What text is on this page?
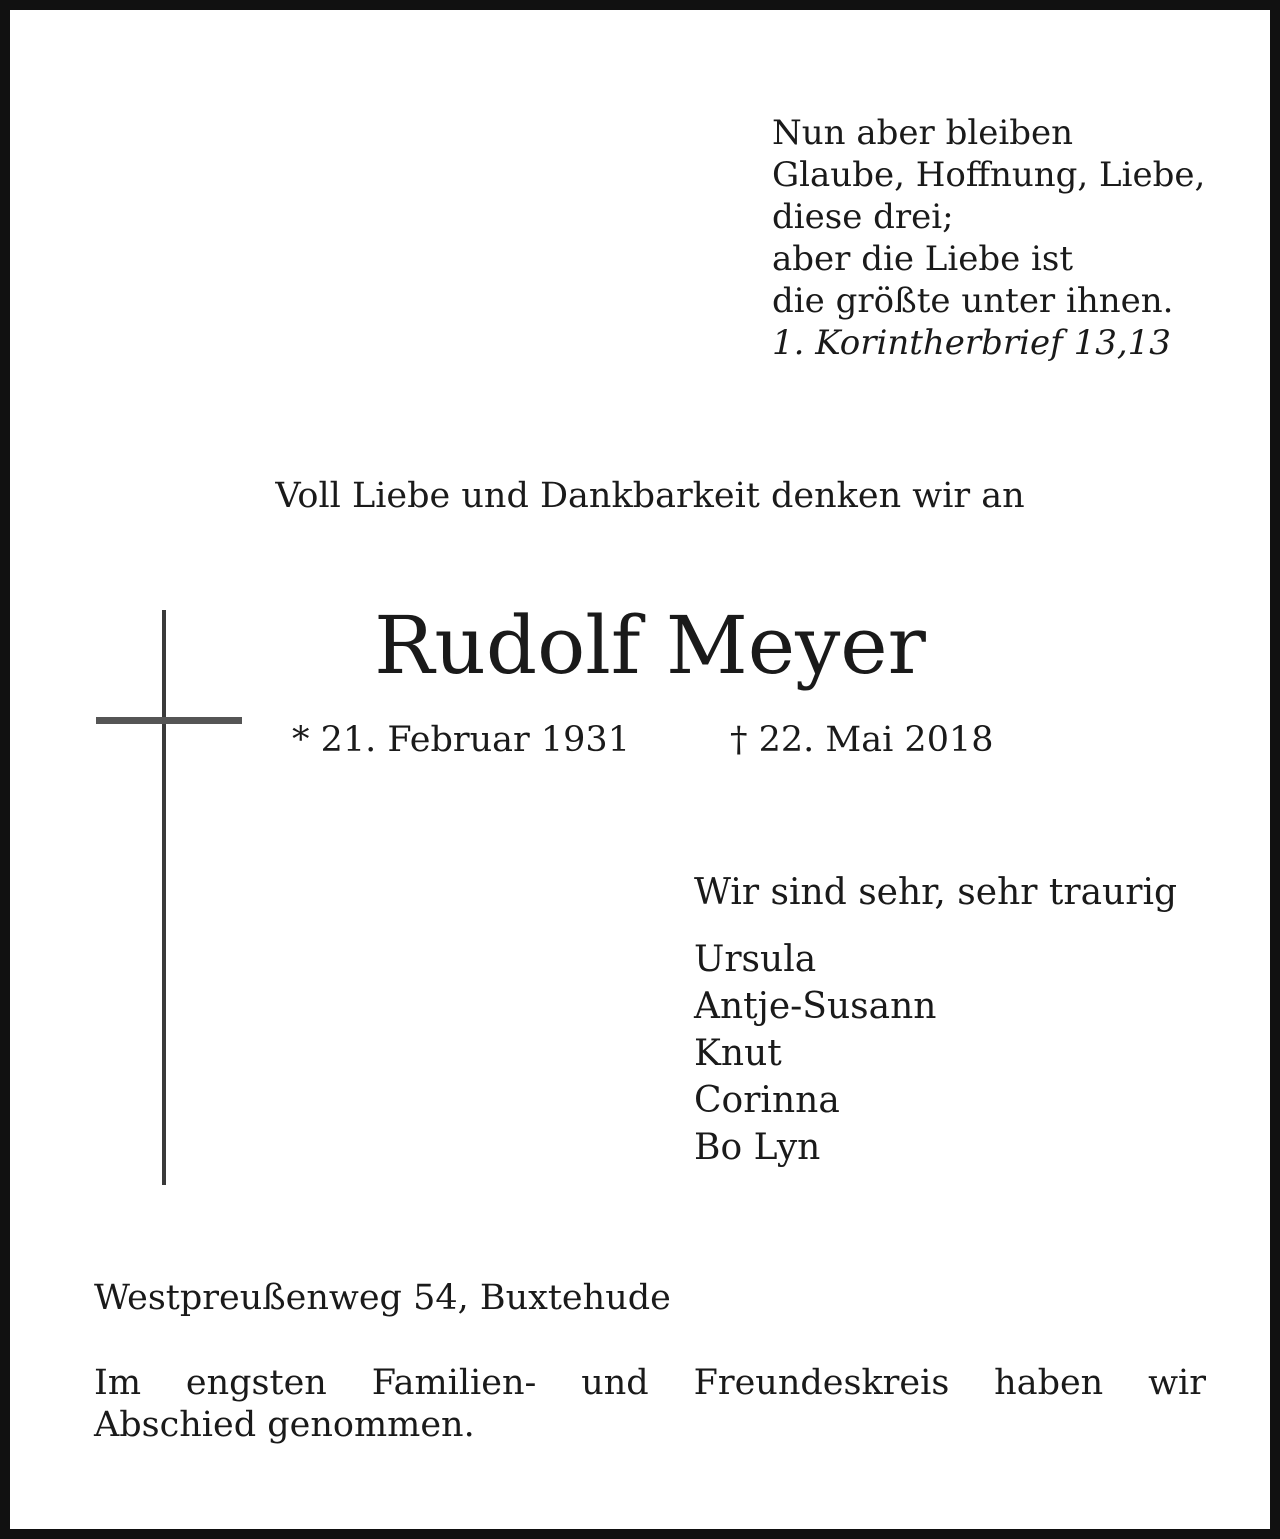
Nun aber bleiben
Glaube, Hoffnung, Liebe,
diese drei;
aber die Liebe ist
die größte unter ihnen.
1. Korintherbrief 13,13
Voll Liebe und Dankbarkeit denken wir an
Rudolf Meyer
* 21. Februar 1931	† 22. Mai 2018
Wir sind sehr, sehr traurig
Ursula
Antje-Susann
Knut
Corinna
Bo Lyn
Westpreußenweg 54, Buxtehude
Im engsten Familien- und Freundeskreis haben wir
Abschied genommen.
